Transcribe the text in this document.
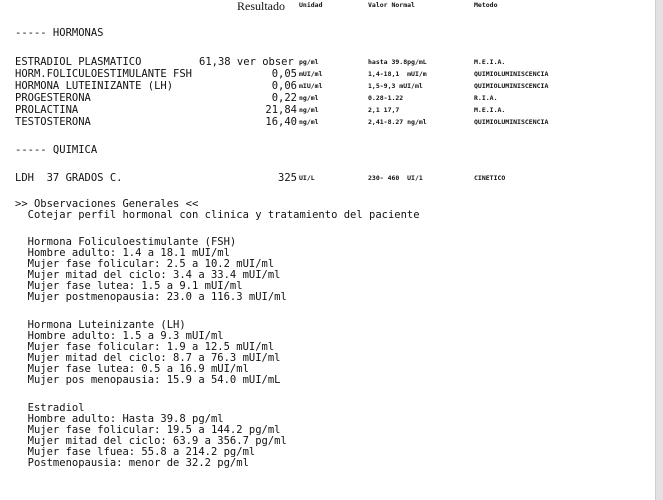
Resultado Unidad	Valor Normal	Metodo
----- HORMONAS
ESTRADIOL PLASMATICO	61,38 ver obser pg/ml	hasta 39.8pg/mL	M.E.I.A.
HORM.FOLICULOESTIMULANTE FSH	0,05 mUI/ml	1,4-18,1  mUI/m	QUIMIOLUMINISCENCIA
HORMONA LUTEINIZANTE (LH)	0,06 mIU/ml	1,5-9,3 mUI/ml	QUIMIOLUMINISCENCIA
PROGESTERONA	0,22 ng/ml	0.28-1.22	R.I.A.
PROLACTINA	21,84 ng/ml	2,1 17,7	M.E.I.A.
TESTOSTERONA	16,40 ng/ml	2,41-8.27 ng/ml	QUIMIOLUMINISCENCIA
----- QUIMICA
LDH  37 GRADOS C.	325 UI/L	230- 460  UI/1	CINETICO
>> Observaciones Generales <<
Cotejar perfil hormonal con clinica y tratamiento del paciente
Hormona Foliculoestimulante (FSH)
Hombre adulto: 1.4 a 18.1 mUI/ml
Mujer fase folicular: 2.5 a 10.2 mUI/ml
Mujer mitad del ciclo: 3.4 a 33.4 mUI/ml
Mujer fase lutea: 1.5 a 9.1 mUI/ml
Mujer postmenopausia: 23.0 a 116.3 mUI/ml
Hormona Luteinizante (LH)
Hombre adulto: 1.5 a 9.3 mUI/ml
Mujer fase folicular: 1.9 a 12.5 mUI/ml
Mujer mitad del ciclo: 8.7 a 76.3 mUI/ml
Mujer fase lutea: 0.5 a 16.9 mUI/ml
Mujer pos menopausia: 15.9 a 54.0 mUI/mL
Estradiol
Hombre adulto: Hasta 39.8 pg/ml
Mujer fase folicular: 19.5 a 144.2 pg/ml
Mujer mitad del ciclo: 63.9 a 356.7 pg/ml
Mujer fase lfuea: 55.8 a 214.2 pg/ml
Postmenopausia: menor de 32.2 pg/ml
